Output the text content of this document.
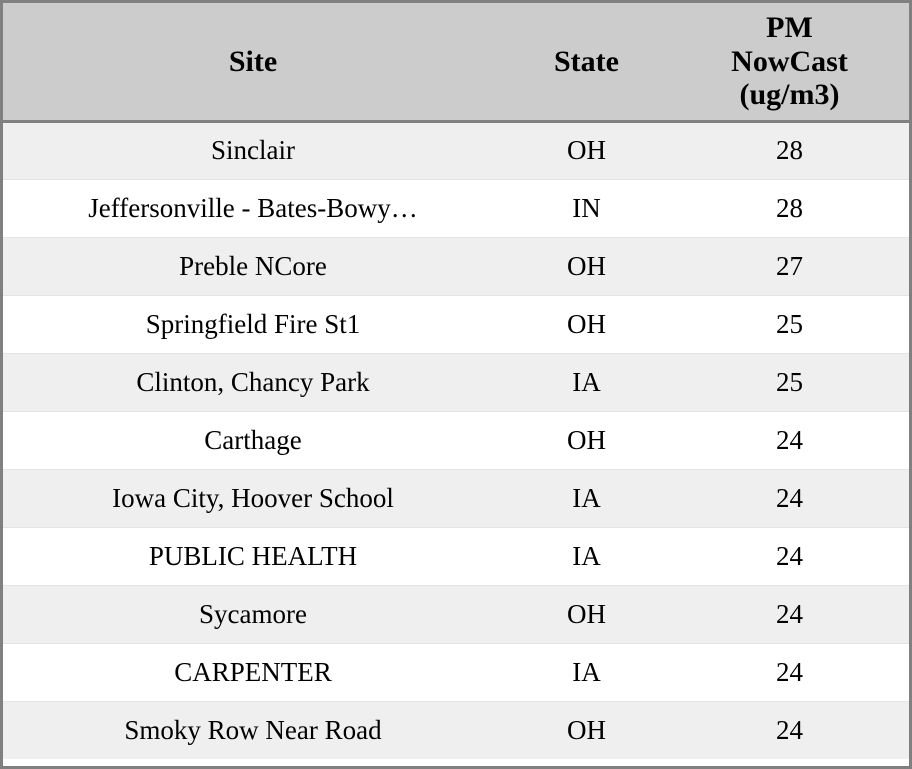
Site	State	PM
NowCast
(ug/m3)
Sinclair	OH	28
Jeffersonville - Bates-Bowy…	IN	28
Preble NCore	OH	27
Springfield Fire St1	OH	25
Clinton, Chancy Park	IA	25
Carthage	OH	24
Iowa City, Hoover School	IA	24
PUBLIC HEALTH	IA	24
Sycamore	OH	24
CARPENTER	IA	24
Smoky Row Near Road	OH	24
